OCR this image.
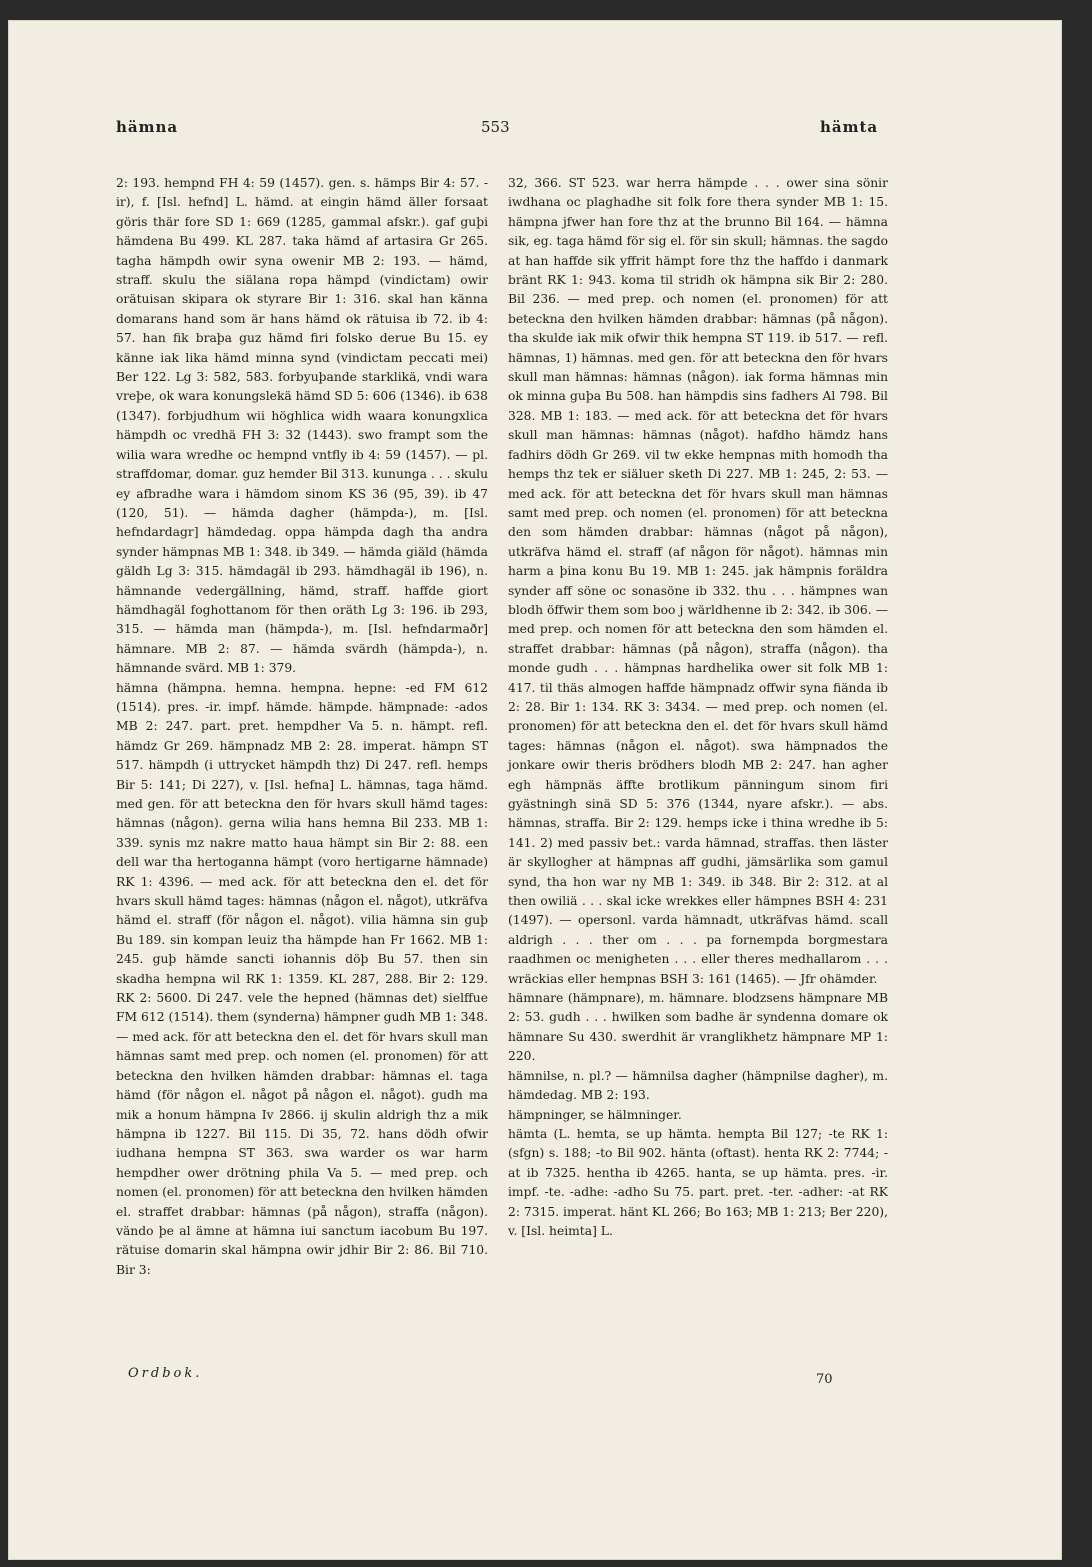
hämna	553	hämta

2: 193. hempnd FH 4: 59 (1457). gen. s. hämps Bir 4: 57. -ir), f. [Isl. hefnd] L. hämd. at eingin hämd äller forsaat göris thär fore SD 1: 669 (1285, gammal afskr.). gaf guþi hämdena Bu 499. KL 287. taka hämd af artasira Gr 265. tagha hämpdh owir syna owenir MB 2: 193. — hämd, straff. skulu the siälana ropa hämpd (vindictam) owir orätuisan skipara ok styrare Bir 1: 316. skal han känna domarans hand som är hans hämd ok rätuisa ib 72. ib 4: 57. han fik braþa guz hämd firi folsko derue Bu 15. ey känne iak lika hämd minna synd (vindictam peccati mei) Ber 122. Lg 3: 582, 583. forbyuþande starklikä, vndi wara vreþe, ok wara konungslekä hämd SD 5: 606 (1346). ib 638 (1347). forbjudhum wii höghlica widh waara konungxlica hämpdh oc vredhä FH 3: 32 (1443). swo frampt som the wilia wara wredhe oc hempnd vntfly ib 4: 59 (1457). — pl. straffdomar, domar. guz hemder Bil 313. kununga . . . skulu ey afbradhe wara i hämdom sinom KS 36 (95, 39). ib 47 (120, 51). — hämda dagher (hämpda-), m. [Isl. hefndardagr] hämdedag. oppa hämpda dagh tha andra synder hämpnas MB 1: 348. ib 349. — hämda giäld (hämda gäldh Lg 3: 315. hämdagäl ib 293. hämdhagäl ib 196), n. hämnande vedergällning, hämd, straff. haffde giort hämdhagäl foghottanom för then oräth Lg 3: 196. ib 293, 315. — hämda man (hämpda-), m. [Isl. hefndarmaðr] hämnare. MB 2: 87. — hämda svärdh (hämpda-), n. hämnande svärd. MB 1: 379.

hämna (hämpna. hemna. hempna. hepne: -ed FM 612 (1514). pres. -ir. impf. hämde. hämpde. hämpnade: -ados MB 2: 247. part. pret. hempdher Va 5. n. hämpt. refl. hämdz Gr 269. hämpnadz MB 2: 28. imperat. hämpn ST 517. hämpdh (i uttrycket hämpdh thz) Di 247. refl. hemps Bir 5: 141; Di 227), v. [Isl. hefna] L. hämnas, taga hämd. med gen. för att beteckna den för hvars skull hämd tages: hämnas (någon). gerna wilia hans hemna Bil 233. MB 1: 339. synis mz nakre matto haua hämpt sin Bir 2: 88. een dell war tha hertoganna hämpt (voro hertigarne hämnade) RK 1: 4396. — med ack. för att beteckna den el. det för hvars skull hämd tages: hämnas (någon el. något), utkräfva hämd el. straff (för någon el. något). vilia hämna sin guþ Bu 189. sin kompan leuiz tha hämpde han Fr 1662. MB 1: 245. guþ hämde sancti iohannis döþ Bu 57. then sin skadha hempna wil RK 1: 1359. KL 287, 288. Bir 2: 129. RK 2: 5600. Di 247. vele the hepned (hämnas det) sielffue FM 612 (1514). them (synderna) hämpner gudh MB 1: 348. — med ack. för att beteckna den el. det för hvars skull man hämnas samt med prep. och nomen (el. pronomen) för att beteckna den hvilken hämden drabbar: hämnas el. taga hämd (för någon el. något på någon el. något). gudh ma mik a honum hämpna Iv 2866. ij skulin aldrigh thz a mik hämpna ib 1227. Bil 115. Di 35, 72. hans dödh ofwir iudhana hempna ST 363. swa warder os war harm hempdher ower drötning phila Va 5. — med prep. och nomen (el. pronomen) för att beteckna den hvilken hämden el. straffet drabbar: hämnas (på någon), straffa (någon). vändo þe al ämne at hämna iui sanctum iacobum Bu 197. rätuise domarin skal hämpna owir jdhir Bir 2: 86. Bil 710. Bir 3:

32, 366. ST 523. war herra hämpde . . . ower sina sönir iwdhana oc plaghadhe sit folk fore thera synder MB 1: 15. hämpna jfwer han fore thz at the brunno Bil 164. — hämna sik, eg. taga hämd för sig el. för sin skull; hämnas. the sagdo at han haffde sik yffrit hämpt fore thz the haffdo i danmark bränt RK 1: 943. koma til stridh ok hämpna sik Bir 2: 280. Bil 236. — med prep. och nomen (el. pronomen) för att beteckna den hvilken hämden drabbar: hämnas (på någon). tha skulde iak mik ofwir thik hempna ST 119. ib 517. — refl. hämnas, 1) hämnas. med gen. för att beteckna den för hvars skull man hämnas: hämnas (någon). iak forma hämnas min ok minna guþa Bu 508. han hämpdis sins fadhers Al 798. Bil 328. MB 1: 183. — med ack. för att beteckna det för hvars skull man hämnas: hämnas (något). hafdho hämdz hans fadhirs dödh Gr 269. vil tw ekke hempnas mith homodh tha hemps thz tek er siäluer sketh Di 227. MB 1: 245, 2: 53. — med ack. för att beteckna det för hvars skull man hämnas samt med prep. och nomen (el. pronomen) för att beteckna den som hämden drabbar: hämnas (något på någon), utkräfva hämd el. straff (af någon för något). hämnas min harm a þina konu Bu 19. MB 1: 245. jak hämpnis foräldra synder aff söne oc sonasöne ib 332. thu . . . hämpnes wan blodh öffwir them som boo j wärldhenne ib 2: 342. ib 306. — med prep. och nomen för att beteckna den som hämden el. straffet drabbar: hämnas (på någon), straffa (någon). tha monde gudh . . . hämpnas hardhelika ower sit folk MB 1: 417. til thäs almogen haffde hämpnadz offwir syna fiända ib 2: 28. Bir 1: 134. RK 3: 3434. — med prep. och nomen (el. pronomen) för att beteckna den el. det för hvars skull hämd tages: hämnas (någon el. något). swa hämpnados the jonkare owir theris brödhers blodh MB 2: 247. han agher egh hämpnäs äffte brotlikum pänningum sinom firi gyästningh sinä SD 5: 376 (1344, nyare afskr.). — abs. hämnas, straffa. Bir 2: 129. hemps icke i thina wredhe ib 5: 141. 2) med passiv bet.: varda hämnad, straffas. then läster är skyllogher at hämpnas aff gudhi, jämsärlika som gamul synd, tha hon war ny MB 1: 349. ib 348. Bir 2: 312. at al then owiliä . . . skal icke wrekkes eller hämpnes BSH 4: 231 (1497). — opersonl. varda hämnadt, utkräfvas hämd. scall aldrigh . . . ther om . . . pa fornempda borgmestara raadhmen oc menigheten . . . eller theres medhallarom . . . wräckias eller hempnas BSH 3: 161 (1465). — Jfr ohämder.

hämnare (hämpnare), m. hämnare. blodzsens hämpnare MB 2: 53. gudh . . . hwilken som badhe är syndenna domare ok hämnare Su 430. swerdhit är vranglikhetz hämpnare MP 1: 220.

hämnilse, n. pl.? — hämnilsa dagher (hämpnilse dagher), m. hämdedag. MB 2: 193.

hämpninger, se hälmninger.

hämta (L. hemta, se up hämta. hempta Bil 127; -te RK 1: (sfgn) s. 188; -to Bil 902. hänta (oftast). henta RK 2: 7744; -at ib 7325. hentha ib 4265. hanta, se up hämta. pres. -ir. impf. -te. -adhe: -adho Su 75. part. pret. -ter. -adher: -at RK 2: 7315. imperat. hänt KL 266; Bo 163; MB 1: 213; Ber 220), v. [Isl. heimta] L.

Ordbok.	70
